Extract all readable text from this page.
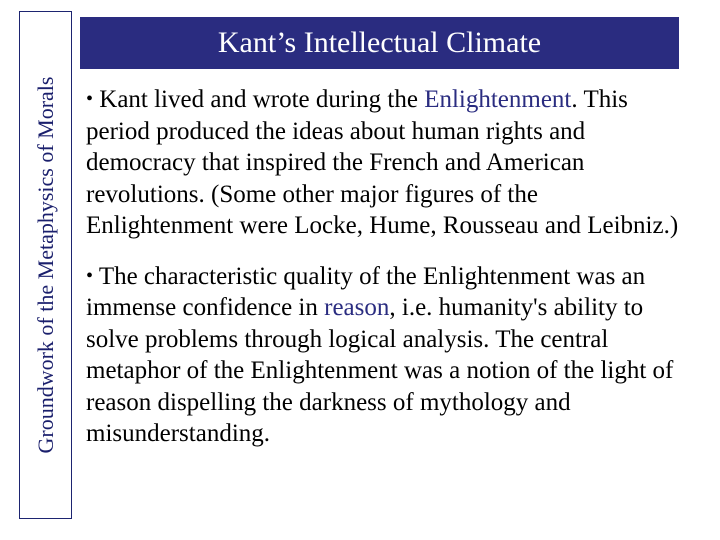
Groundwork of the Metaphysics of Morals
Kant’s Intellectual Climate

• Kant lived and wrote during the Enlightenment. This period produced the ideas about human rights and democracy that inspired the French and American revolutions. (Some other major figures of the Enlightenment were Locke, Hume, Rousseau and Leibniz.)

• The characteristic quality of the Enlightenment was an immense confidence in reason, i.e. humanity's ability to solve problems through logical analysis. The central metaphor of the Enlightenment was a notion of the light of reason dispelling the darkness of mythology and misunderstanding.
